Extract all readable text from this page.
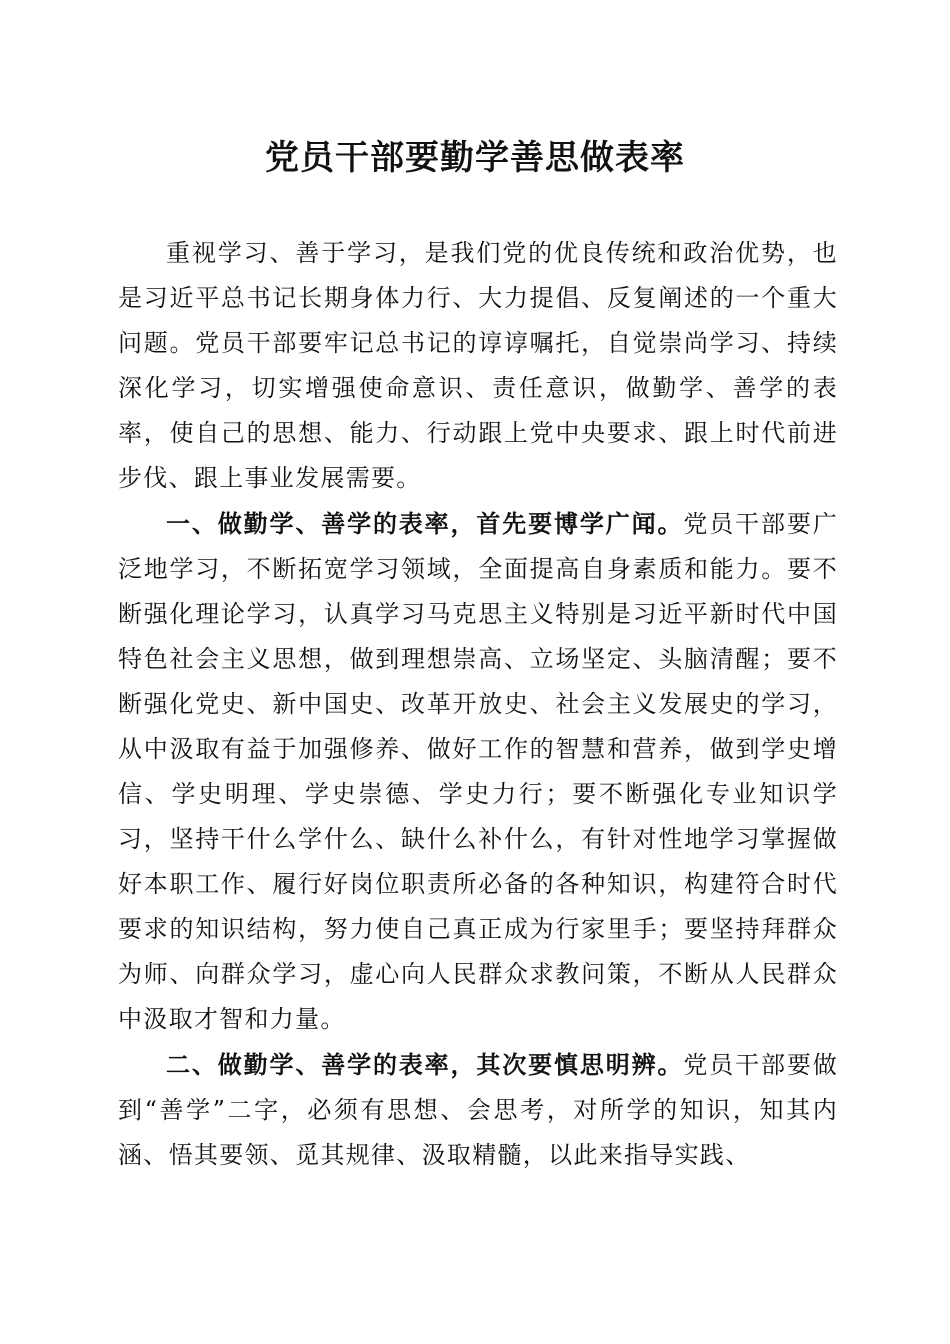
党员干部要勤学善思做表率

重视学习、善于学习，是我们党的优良传统和政治优势，也是习近平总书记长期身体力行、大力提倡、反复阐述的一个重大问题。党员干部要牢记总书记的谆谆嘱托，自觉崇尚学习、持续深化学习，切实增强使命意识、责任意识，做勤学、善学的表率，使自己的思想、能力、行动跟上党中央要求、跟上时代前进步伐、跟上事业发展需要。

一、做勤学、善学的表率，首先要博学广闻。党员干部要广泛地学习，不断拓宽学习领域，全面提高自身素质和能力。要不断强化理论学习，认真学习马克思主义特别是习近平新时代中国特色社会主义思想，做到理想崇高、立场坚定、头脑清醒；要不断强化党史、新中国史、改革开放史、社会主义发展史的学习，从中汲取有益于加强修养、做好工作的智慧和营养，做到学史增信、学史明理、学史崇德、学史力行；要不断强化专业知识学习，坚持干什么学什么、缺什么补什么，有针对性地学习掌握做好本职工作、履行好岗位职责所必备的各种知识，构建符合时代要求的知识结构，努力使自己真正成为行家里手；要坚持拜群众为师、向群众学习，虚心向人民群众求教问策，不断从人民群众中汲取才智和力量。

二、做勤学、善学的表率，其次要慎思明辨。党员干部要做到“善学”二字，必须有思想、会思考，对所学的知识，知其内涵、悟其要领、觅其规律、汲取精髓，以此来指导实践、
